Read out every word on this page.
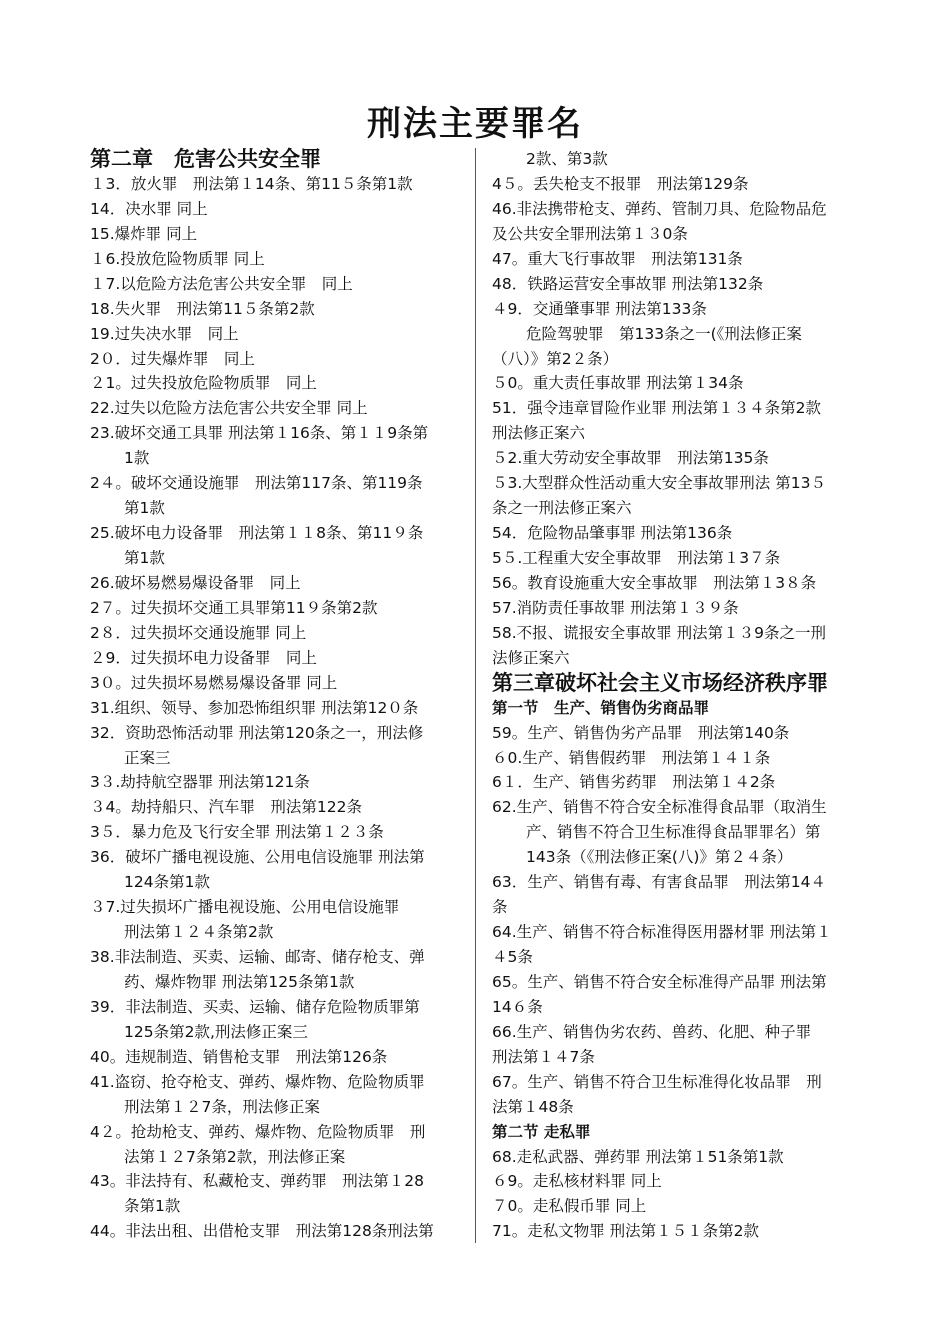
刑法主要罪名
第二章　危害公共安全罪
１3．放火罪　刑法第１14条、第11５条第1款
14．决水罪 同上
15.爆炸罪 同上
１6.投放危险物质罪 同上
１7.以危险方法危害公共安全罪　同上
18.失火罪　刑法第11５条第2款
19.过失决水罪　同上
2０．过失爆炸罪　同上
２1。过失投放危险物质罪　同上
22.过失以危险方法危害公共安全罪 同上
23.破坏交通工具罪 刑法第１16条、第１１9条第
1款
2４。破坏交通设施罪　刑法第117条、第119条
第1款
25.破坏电力设备罪　刑法第１１8条、第11９条
第1款
26.破坏易燃易爆设备罪　同上
2７。过失损坏交通工具罪第11９条第2款
2８．过失损坏交通设施罪 同上
２9．过失损坏电力设备罪　同上
3０。过失损坏易燃易爆设备罪 同上
31.组织、领导、参加恐怖组织罪 刑法第12０条
32．资助恐怖活动罪 刑法第120条之一，刑法修
正案三
3３.劫持航空器罪 刑法第121条
３4。劫持船只、汽车罪　刑法第122条
3５．暴力危及飞行安全罪 刑法第１２３条
36．破坏广播电视设施、公用电信设施罪 刑法第
124条第1款
３7.过失损坏广播电视设施、公用电信设施罪
刑法第１２４条第2款
38.非法制造、买卖、运输、邮寄、储存枪支、弹
药、爆炸物罪 刑法第125条第1款
39．非法制造、买卖、运输、储存危险物质罪第
125条第2款,刑法修正案三
40。违规制造、销售枪支罪　刑法第126条
41.盗窃、抢夺枪支、弹药、爆炸物、危险物质罪
刑法第１２7条，刑法修正案
4２。抢劫枪支、弹药、爆炸物、危险物质罪　刑
法第１２7条第2款，刑法修正案
43。非法持有、私藏枪支、弹药罪　刑法第１28
条第1款
44。非法出租、出借枪支罪　刑法第128条刑法第
2款、第3款
4５。丢失枪支不报罪　刑法第129条
46.非法携带枪支、弹药、管制刀具、危险物品危
及公共安全罪刑法第１３0条
47。重大飞行事故罪　刑法第131条
48．铁路运营安全事故罪 刑法第132条
４9．交通肇事罪 刑法第133条
危险驾驶罪　第133条之一(《刑法修正案
（八）》第2２条）
５0。重大责任事故罪 刑法第１34条
51．强令违章冒险作业罪 刑法第１３４条第2款
刑法修正案六
５2.重大劳动安全事故罪　刑法第135条
５3.大型群众性活动重大安全事故罪刑法 第13５
条之一刑法修正案六
54．危险物品肇事罪 刑法第136条
5５.工程重大安全事故罪　刑法第１3７条
56。教育设施重大安全事故罪　刑法第１3８条
57.消防责任事故罪 刑法第１３９条
58.不报、谎报安全事故罪 刑法第１３9条之一刑
法修正案六
第三章破坏社会主义市场经济秩序罪
第一节　生产、销售伪劣商品罪
59。生产、销售伪劣产品罪　刑法第140条
６0.生产、销售假药罪　刑法第１４１条
6１．生产、销售劣药罪　刑法第１４2条
62.生产、销售不符合安全标准得食品罪（取消生
产、销售不符合卫生标准得食品罪罪名）第
143条（《刑法修正案(八)》第２４条）
63．生产、销售有毒、有害食品罪　刑法第14４
条
64.生产、销售不符合标准得医用器材罪 刑法第１
４5条
65。生产、销售不符合安全标准得产品罪 刑法第
14６条
66.生产、销售伪劣农药、兽药、化肥、种子罪
刑法第１４7条
67。生产、销售不符合卫生标准得化妆品罪　刑
法第１48条
第二节 走私罪
68.走私武器、弹药罪 刑法第１51条第1款
６9。走私核材料罪 同上
７0。走私假币罪 同上
71。走私文物罪 刑法第１５１条第2款
